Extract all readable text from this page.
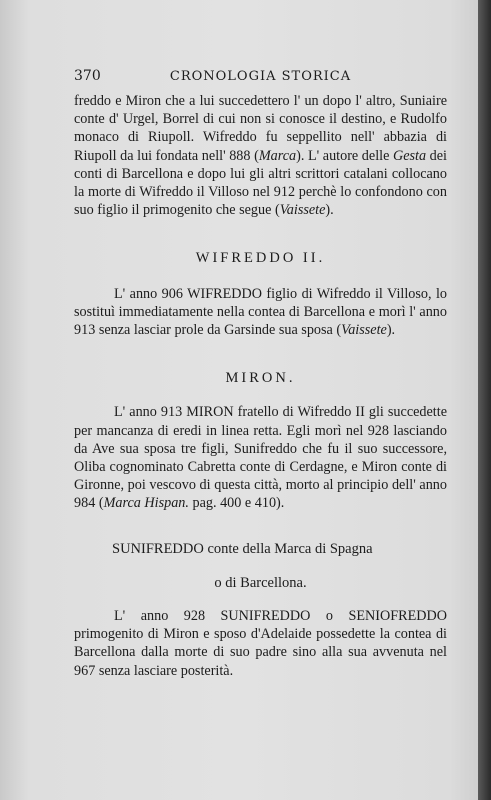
370	CRONOLOGIA STORICA

freddo e Miron che a lui succedettero l' un dopo l' altro, Suniaire conte d' Urgel, Borrel di cui non si conosce il destino, e Rudolfo monaco di Riupoll. Wifreddo fu seppellito nell' abbazia di Riupoll da lui fondata nell' 888 (Marca). L' autore delle Gesta dei conti di Barcellona e dopo lui gli altri scrittori catalani collocano la morte di Wifreddo il Villoso nel 912 perchè lo confondono con suo figlio il primogenito che segue (Vaissete).

WIFREDDO II.

L' anno 906 WIFREDDO figlio di Wifreddo il Villoso, lo sostituì immediatamente nella contea di Barcellona e morì l' anno 913 senza lasciar prole da Garsinde sua sposa (Vaissete).

MIRON.

L' anno 913 MIRON fratello di Wifreddo II gli succedette per mancanza di eredi in linea retta. Egli morì nel 928 lasciando da Ave sua sposa tre figli, Sunifreddo che fu il suo successore, Oliba cognominato Cabretta conte di Cerdagne, e Miron conte di Gironne, poi vescovo di questa città, morto al principio dell' anno 984 (Marca Hispan. pag. 400 e 410).

SUNIFREDDO conte della Marca di Spagna

o di Barcellona.

L' anno 928 SUNIFREDDO o SENIOFREDDO primogenito di Miron e sposo d'Adelaide possedette la contea di Barcellona dalla morte di suo padre sino alla sua avvenuta nel 967 senza lasciare posterità.
